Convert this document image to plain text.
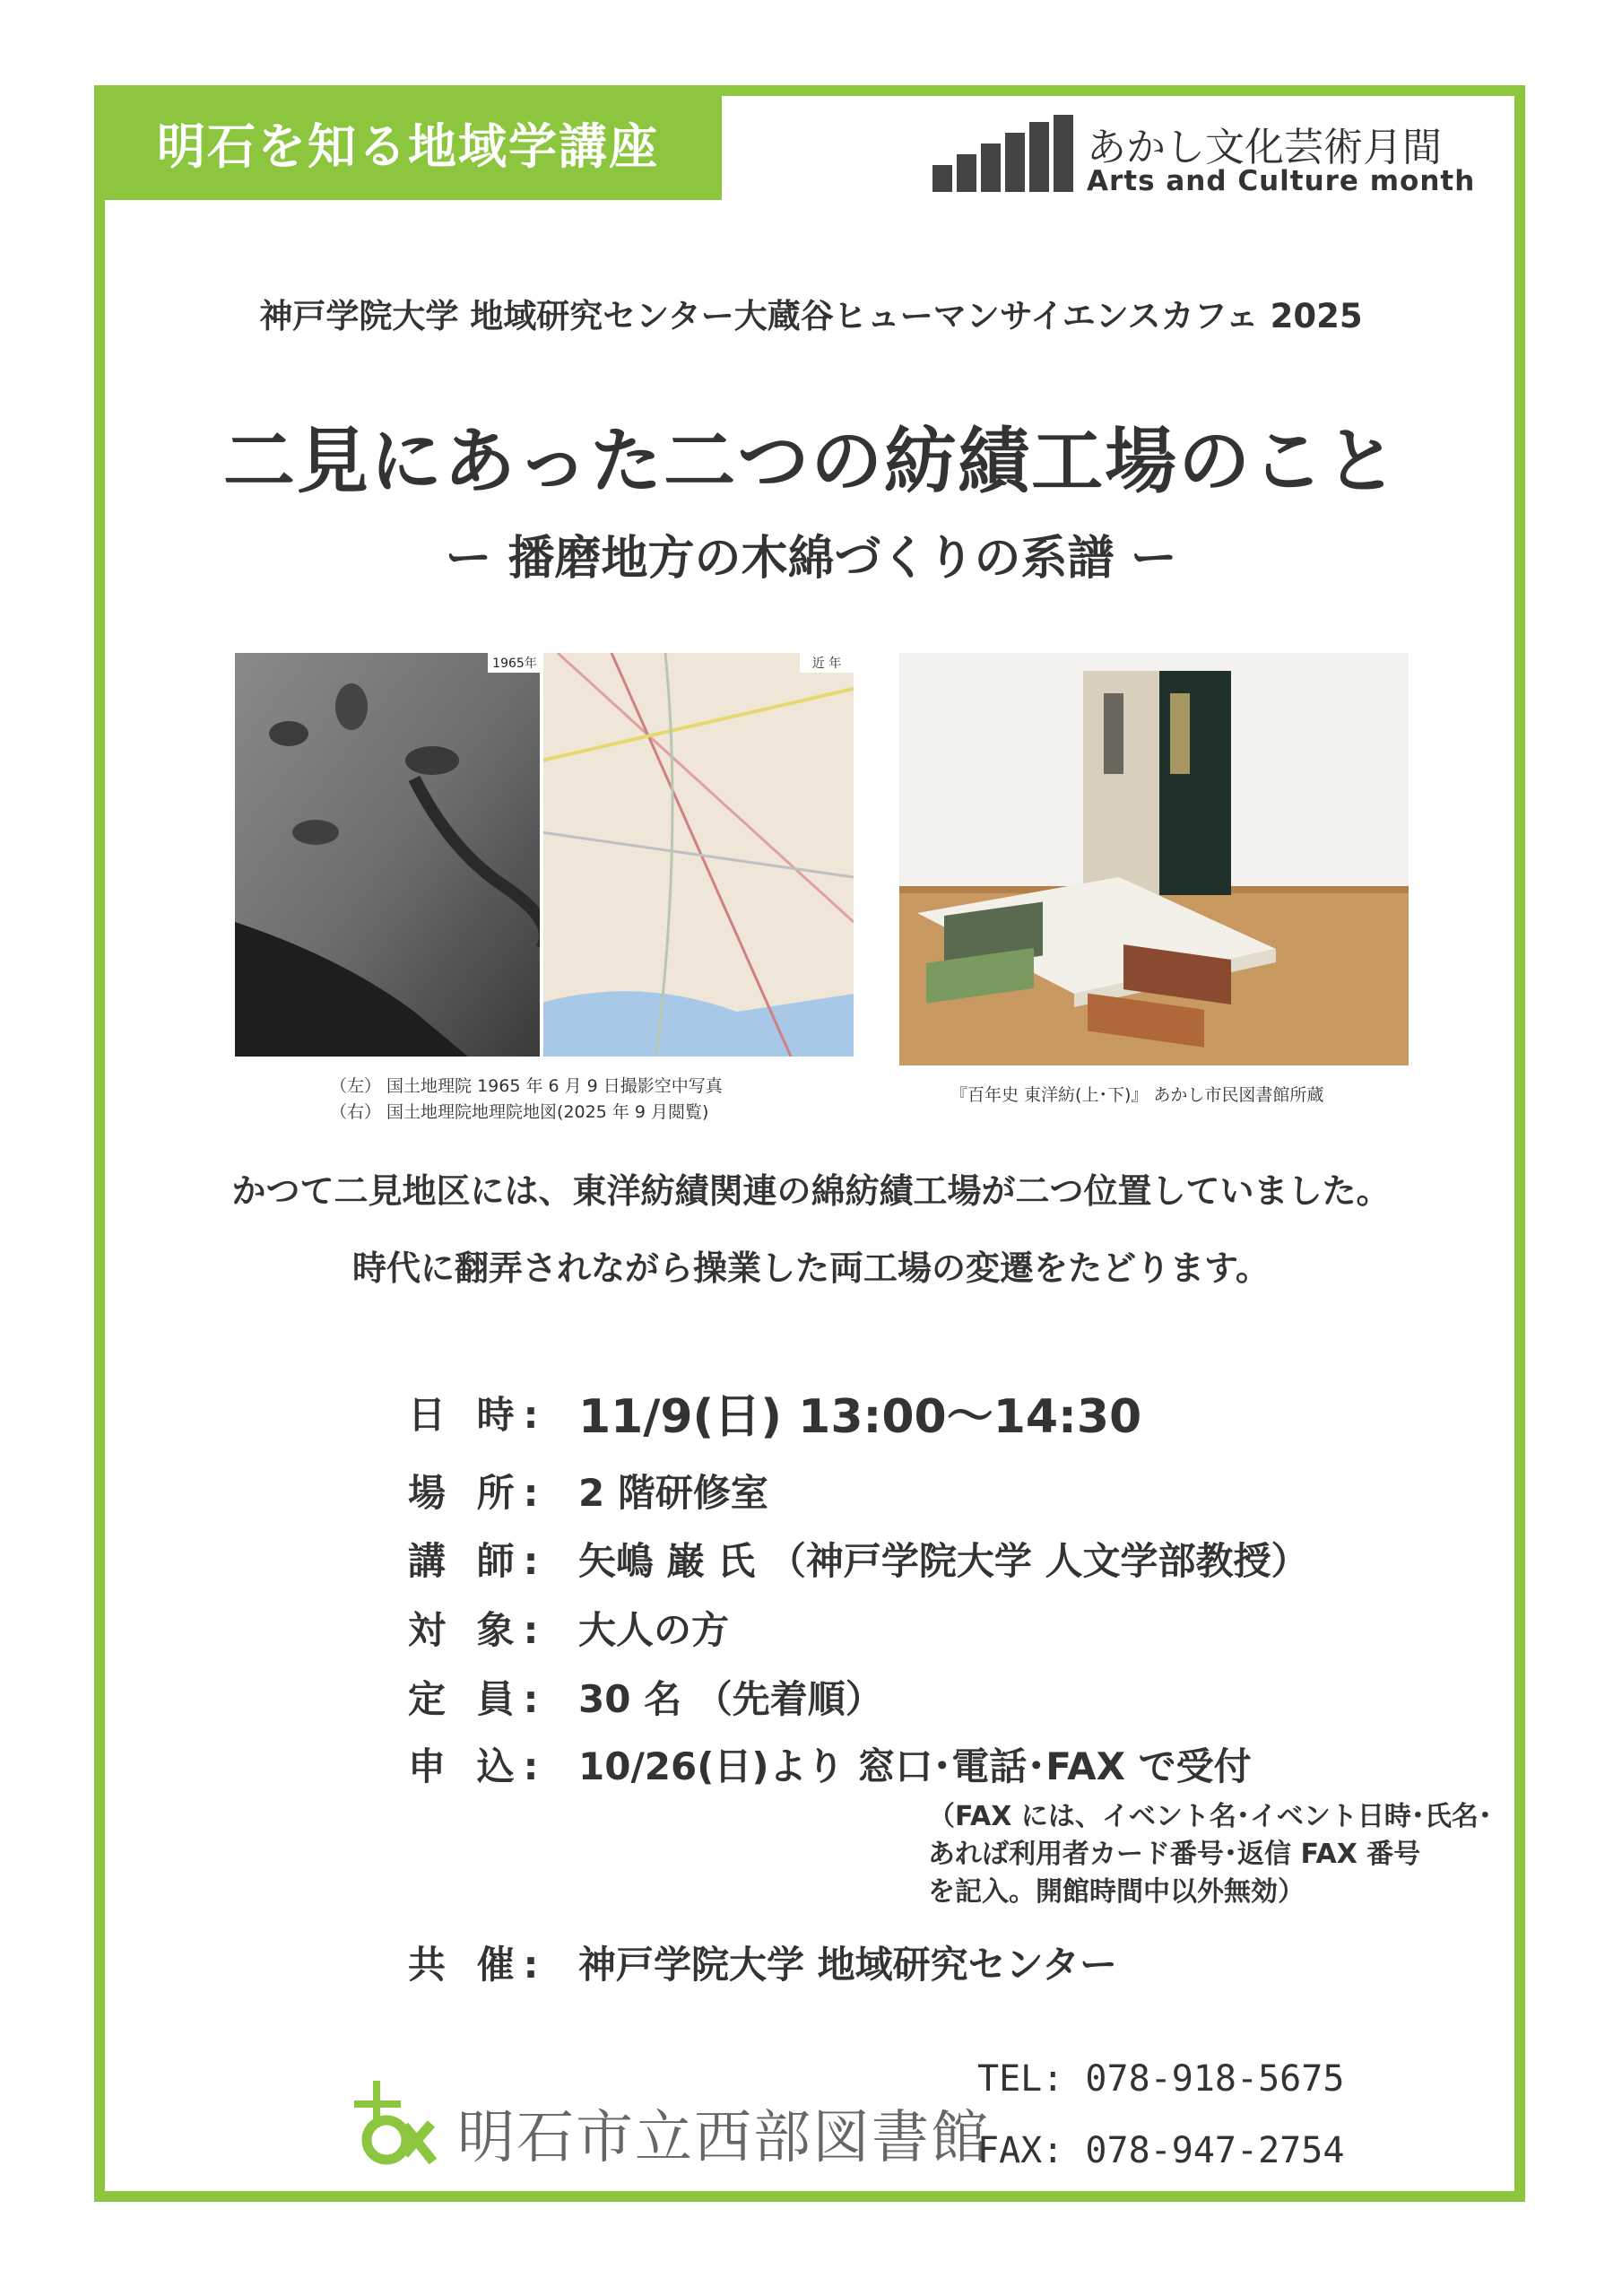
明石を知る地域学講座	あかし文化芸術月間
Arts and Culture month
神戸学院大学 地域研究センター大蔵谷ヒューマンサイエンスカフェ 2025
二見にあった二つの紡績工場のこと
ー 播磨地方の木綿づくりの系譜 ー
1965年	近 年
（左） 国土地理院 1965 年 6 月 9 日撮影空中写真
（右） 国土地理院地理院地図(2025 年 9 月閲覧)
『百年史 東洋紡(上･下)』 あかし市民図書館所蔵
かつて二見地区には、東洋紡績関連の綿紡績工場が二つ位置していました。
時代に翻弄されながら操業した両工場の変遷をたどります。
日 時: 11/9(日) 13:00～14:30
場 所: 2 階研修室
講 師: 矢嶋 巌 氏 （神戸学院大学 人文学部教授）
対 象: 大人の方
定 員: 30 名 （先着順）
申 込: 10/26(日)より 窓口･電話･FAX で受付
（FAX には、イベント名･イベント日時･氏名･
あれば利用者カード番号･返信 FAX 番号
を記入。開館時間中以外無効）
共 催: 神戸学院大学 地域研究センター
明石市立西部図書館
TEL: 078-918-5675
FAX: 078-947-2754
